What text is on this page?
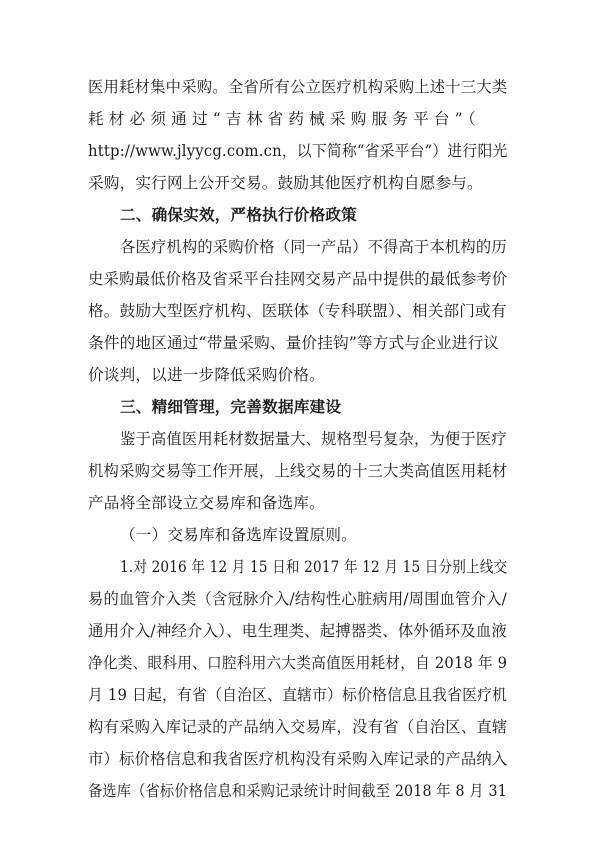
医用耗材集中采购。全省所有公立医疗机构采购上述十三大类
耗材必须通过“吉林省药械采购服务平台”（
http://www.jlyycg.com.cn，以下简称“省采平台”）进行阳光
采购，实行网上公开交易。鼓励其他医疗机构自愿参与。
二、确保实效，严格执行价格政策
各医疗机构的采购价格（同一产品）不得高于本机构的历
史采购最低价格及省采平台挂网交易产品中提供的最低参考价
格。鼓励大型医疗机构、医联体（专科联盟）、相关部门或有
条件的地区通过“带量采购、量价挂钩”等方式与企业进行议
价谈判，以进一步降低采购价格。
三、精细管理，完善数据库建设
鉴于高值医用耗材数据量大、规格型号复杂，为便于医疗
机构采购交易等工作开展，上线交易的十三大类高值医用耗材
产品将全部设立交易库和备选库。
（一）交易库和备选库设置原则。
1.对 2016 年 12 月 15 日和 2017 年 12 月 15 日分别上线交
易的血管介入类（含冠脉介入/结构性心脏病用/周围血管介入/
通用介入/神经介入）、电生理类、起搏器类、体外循环及血液
净化类、眼科用、口腔科用六大类高值医用耗材，自 2018 年 9
月 19 日起，有省（自治区、直辖市）标价格信息且我省医疗机
构有采购入库记录的产品纳入交易库，没有省（自治区、直辖
市）标价格信息和我省医疗机构没有采购入库记录的产品纳入
备选库（省标价格信息和采购记录统计时间截至 2018 年 8 月 31
